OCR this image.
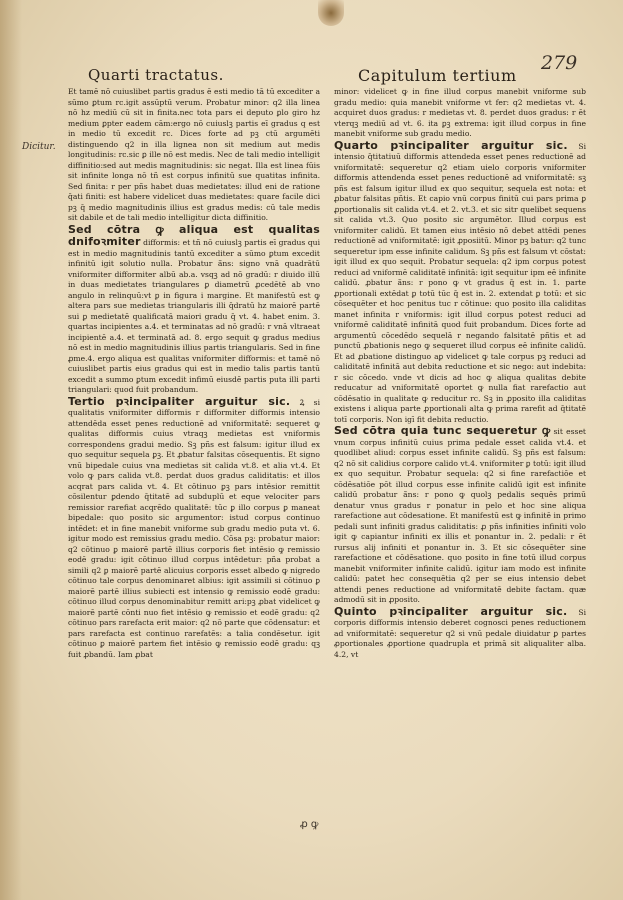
279
Quarti tractatus.	Capitulum tertium
Dicitur.

Et tamē nō cuiuslibet partis gradus ē esti medio tā tū excediter a sūmo ꝑtum rc.igit assūptū verum. Probatur minor: q2 illa linea nō hz mediū cū sit in finita.nec tota pars ei deputo ꝑlo giro hz medium ꝑpter eadem cām:ergo nō cuiuslꝫ partis eī gradus q est in medio tū excedit rc. Dices forte ad pꝫ ctū argumēti distinguendo q2 in illa lignea non sit medium aut medis longitudinis: rc.sic ꝑ ille nō est medis. Nec de tali medio intelligit diffinitio:sed aut medis magnitudinis: sic negat. Illa est linea fūis sit infinite longa nō tñ est corpus infinitū sue quatitas infinita. Sed finita: r per pñs habet duas medietates: illud eni de ratione q̄ati finiti: est habere videlicet duas medietates: quare facile dici pꝫ q̄ medio magnitudinis illius est gradus medis: cū tale medis sit dabile et de tali medio intelligitur dicta diffinitio.

Sed cōtra ꝙ aliqua est qualitas dnifoꝛmiter difformis: et tñ nō cuiuslꝫ partis eī gradus qui est in medio magnitudinis tantū excediter a sūmo ꝑtum excedit infinitū igit solutio nulla. Probatur ā̄ns: signo vnā quadrātū vniformiter difformiter albū ab.a. vsqꝫ ad nō gradū: r diuido illū in duas medietates triangulares ꝑ diametrū ꝓcedētē ab vno angulo in relinquū:vt ꝑ in figura i margine. Et manifestū est ꝙ altera pars sue medietas triangularis illi q̄dratū hz maiorē partē sui ꝑ medietatē qualificatā maiori gradu q̄ vt. 4. habet enim. 3. quartas incipientes a.4. et terminatas ad nō gradū: r vnā vltraeat incipientē a.4. et terminatā ad. 8. ergo sequit ꝙ gradus medius nō est in medio magnitudinis illius partis triangularis. Sed in fine ꝓme.4. ergo aliqua est qualitas vniformiter difformis: et tamē nō cuiuslibet partis eius gradus qui est in medio talis partis tantū excedit a summo ꝑtum excedit infimū eiusdē partis puta illi parti triangulari: quod fuit probandum.

Tertio pꝛincipaliter arguitur sic. Ꝝ si qualitatis vniformiter difformis r difformiter difformis intensio attendēda esset penes reductionē ad vniformitatē: sequeret ꝙ qualitas difformis cuius vtraqꝫ medietas est vniformis correspondens gradui medio. Sꝫ pñs est falsum: igitur illud ex quo sequitur sequela ꝑꝫ. Et ꝓbatur falsitas cōsequentis. Et signo vnū bipedale cuius vna medietas sit calida vt.8. et alia vt.4. Et volo ꝙ pars calida vt.8. perdat duos gradus caliditatis: et illos acqrat pars calida vt. 4. Et cōtinuo ꝑꝫ pars intēsior remittit cōsilentur ꝑdendo q̄titatē ad subduplū et eque velociter pars remissior rarefiat acqrēdo qualitatē: tūc ꝑ illo corpus ꝑ maneat bipedale: quo posito sic argumentor: istud corpus continuo intēdet: et in fine manebit vniforme sub gradu medio puta vt. 6. igitur modo est remissius gradu medio. Cōsa pꝫ: probatur maior: q2 cōtinuo ꝑ maiorē partē illius corporis fiet intēsio ꝙ remissio eodē gradu: igit cōtinuo illud corpus intēdetur: pña probat a simili q2 ꝑ maiorē partē alicuius corporis esset albedo ꝙ nigredo cōtinuo tale corpus denominaret albius: igit assimili si cōtinuo ꝑ maiorē partē illius subiecti est intensio ꝙ remissio eodē gradu: cōtinuo illud corpus denominabitur remitt ari:pꝫ ꝓbat videlicet ꝙ maiorē partē cōnti nuo fiet intēsio ꝙ remissio et eodē gradu: q2 cōtinuo pars rarefacta erit maior: q2 nō parte que cōdensatur: et pars rarefacta est continuo rarefatēs: a talia condēsetur. igit cōtinuo ꝑ maiorē partem fiet intēsio ꝙ remissio eodē gradu: qꝫ fuit ꝓbandū. Iam ꝓbat

minor: videlicet ꝙ in fine illud corpus manebit vniforme sub gradu medio: quia manebit vniforme vt fer: q2 medietas vt. 4. acquiret duos gradus: r medietas vt. 8. perdet duos gradus: r ēt vterqꝫ mediū ad vt. 6. ita ꝑꝫ extrema: igit illud corpus in fine manebit vniforme sub gradu medio.

Quarto pꝛincipaliter arguitur sic. Si intensio q̄titatiuū difformis attendeda esset penes reductionē ad vniformitatē: sequeretur q2 etiam uielo corporis vniformiter difformis attendenda esset penes reductionē ad vniformitatē: sꝫ pñs est falsum igitur illud ex quo sequitur, sequela est nota: et ꝓbatur falsitas pñtis. Et capio vnū corpus finitū cui pars prima ꝑ ꝓportionalis sit calida vt.4. et 2. vt.3. et sic sitr quelibet sequens sit calida vt.3. Quo posito sic argumētor. Illud corpus est vniformiter calidū. Et tamen eius intēsio nō debet attēdi penes reductionē ad vniformitatē: igit ꝓposiitū. Minor pꝫ batur: q2 tunc sequeretur ipm esse infinite calidum. Sꝫ pñs est falsum vt cōstat: igit illud ex quo sequit. Probatur sequela: q2 ipm corpus potest reduci ad vniformē caliditatē infinitā: igit sequitur ipm eē infinite calidū. ꝓbatur ā̄ns: r pono ꝙ vt gradus q̄ est in. 1. parte ꝓportionali extēdat ꝑ totū tūc q̄ est in. 2. extendat ꝑ totū: et sic cōsequēter et hoc penitus tuc r cōtinue: quo posito illa caliditas manet infinita r vniformis: igit illud corpus potest reduci ad vniformē caliditatē infinitā quod fuit probandum. Dices forte ad argumentū cōcedēdo sequelā r negando falsitatē pñtis et ad punctū ꝓbationis nego ꝙ sequeret illud corpus eē infinite calidū. Et ad ꝓbatione distinguo aꝑ videlicet ꝙ tale corpus pꝫ reduci ad caliditatē infinitā aut debita reductione et sic nego: aut indebita: r sic cōcedo. vnde vt dicis ad hoc ꝙ aliqua qualitas debite reducatur ad vniformitatē oportet ꝙ nulla fiat rarefactio aut cōdēsatio in qualitate ꝙ reducitur rc. Sꝫ in ꝓposito illa caliditas existens i aliqua parte ꝓportionali alta ꝙ prima rarefit ad q̄titatē totī corporis. Non igī fit debita reductio.

Sed cōtra quia tunc sequeretur ꝙ sit esset vnum corpus infinitū cuius prima pedale esset calida vt.4. et quodlibet aliud: corpus esset infinite calidū. Sꝫ pñs est falsum: q2 nō sit calidius corpore calido vt.4. vniformiter ꝑ totū: igit illud ex quo sequitur. Probatur sequela: q2 si fine rarefactiōe et cōdēsatiōe pōt illud corpus esse infinite calidū igit est infinite calidū probatur ā̄ns: r pono ꝙ quolꝫ pedalis sequēs primū denatur vnus gradus r ponatur in pelo et hoc sine aliqua rarefactione aut cōdesatione. Et manifestū est ꝙ infinitē in primo pedali sunt infiniti gradus caliditatis: ꝓ pñs infinities infiniti volo igit ꝙ capiantur infiniti ex illis et ponantur in. 2. pedali: r ēt rursus alij infiniti et ponantur in. 3. Et sic cōsequēter sine rarefactione et cōdēsatione. quo posito in fine totū illud corpus manebit vniformiter infinite calidū. igitur iam modo est infinite calidū: patet hec consequētia q2 per se eius intensio debet attendi penes reductione ad vniformitatē debite factam. quæ admodū sit in ꝓposito.

Quinto pꝛincipaliter arguitur sic. Si corporis difformis intensio deberet cognosci penes reductionem ad vniformitatē: sequeretur q2 si vnū pedale diuidatur ꝑ partes ꝓportionales ꝓportione quadrupla et primā sit aliqualiter alba. 4.2, vt

ꝓ ꝙ
